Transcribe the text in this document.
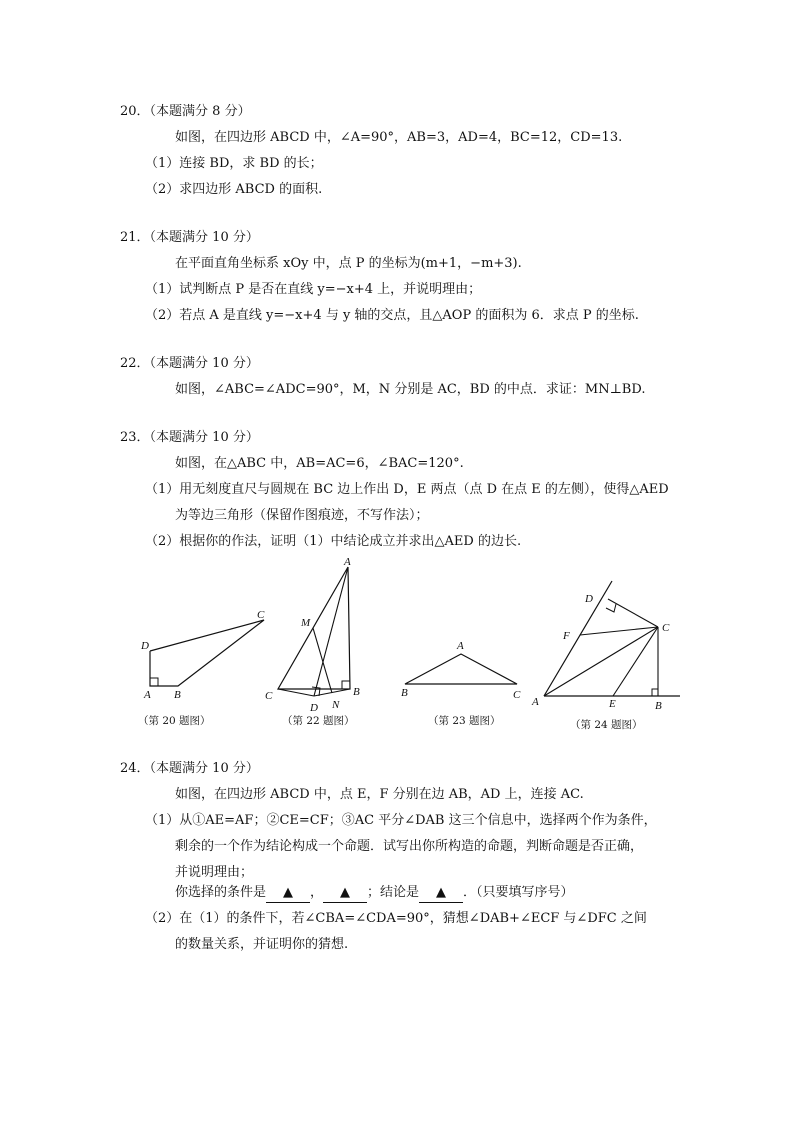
20．（本题满分 8 分）
如图，在四边形 ABCD 中，∠A=90°，AB=3，AD=4，BC=12，CD=13.
（1）连接 BD，求 BD 的长；
（2）求四边形 ABCD 的面积.
21．（本题满分 10 分）
在平面直角坐标系 xOy 中，点 P 的坐标为(m+1，−m+3).
（1）试判断点 P 是否在直线 y=−x+4 上，并说明理由；
（2）若点 A 是直线 y=−x+4 与 y 轴的交点，且△AOP 的面积为 6．求点 P 的坐标.
22．（本题满分 10 分）
如图，∠ABC=∠ADC=90°，M，N 分别是 AC，BD 的中点．求证：MN⊥BD.
23．（本题满分 10 分）
如图，在△ABC 中，AB=AC=6，∠BAC=120°.
（1）用无刻度直尺与圆规在 BC 边上作出 D，E 两点（点 D 在点 E 的左侧），使得△AED
为等边三角形（保留作图痕迹，不写作法）；
（2）根据你的作法，证明（1）中结论成立并求出△AED 的边长.
A B
C
D
（第 20 题图）
A
B
C
D
M
N
（第 22 题图）
A
B	C
（第 23 题图）
D
C
F
A	E	B
（第 24 题图）
24．（本题满分 10 分）
如图，在四边形 ABCD 中，点 E，F 分别在边 AB，AD 上，连接 AC.
（1）从①AE=AF；②CE=CF；③AC 平分∠DAB 这三个信息中，选择两个作为条件，
剩余的一个作为结论构成一个命题．试写出你所构造的命题，判断命题是否正确，
并说明理由；
你选择的条件是 ▲ ， ▲ ；结论是 ▲ ．（只要填写序号）
（2）在（1）的条件下，若∠CBA=∠CDA=90°，猜想∠DAB+∠ECF 与∠DFC 之间
的数量关系，并证明你的猜想.
